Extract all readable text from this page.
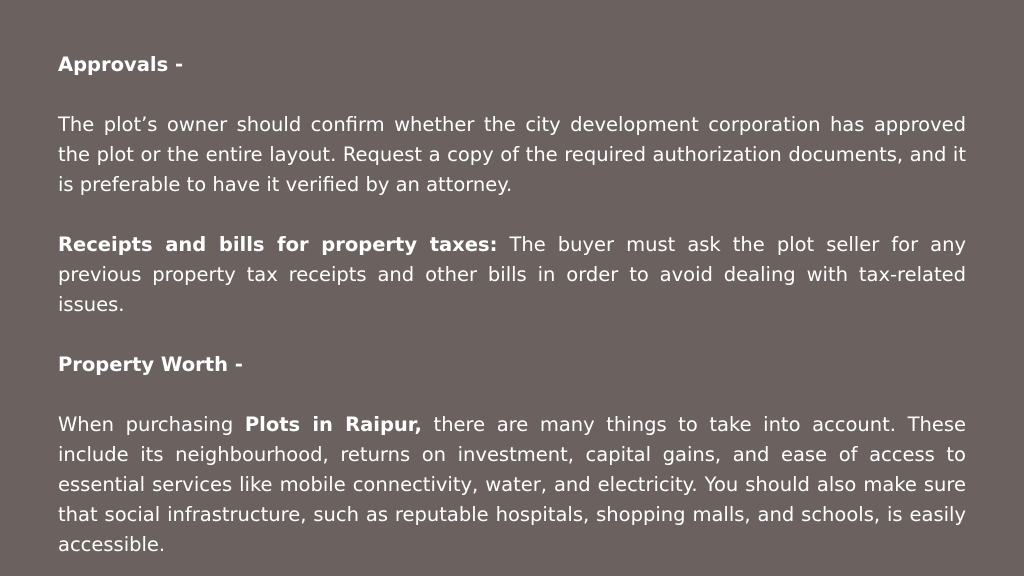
Approvals -

The plot’s owner should confirm whether the city development corporation has approved the plot or the entire layout. Request a copy of the required authorization documents, and it is preferable to have it verified by an attorney.

Receipts and bills for property taxes: The buyer must ask the plot seller for any previous property tax receipts and other bills in order to avoid dealing with tax-related issues.

Property Worth -

When purchasing Plots in Raipur, there are many things to take into account. These include its neighbourhood, returns on investment, capital gains, and ease of access to essential services like mobile connectivity, water, and electricity. You should also make sure that social infrastructure, such as reputable hospitals, shopping malls, and schools, is easily accessible.
